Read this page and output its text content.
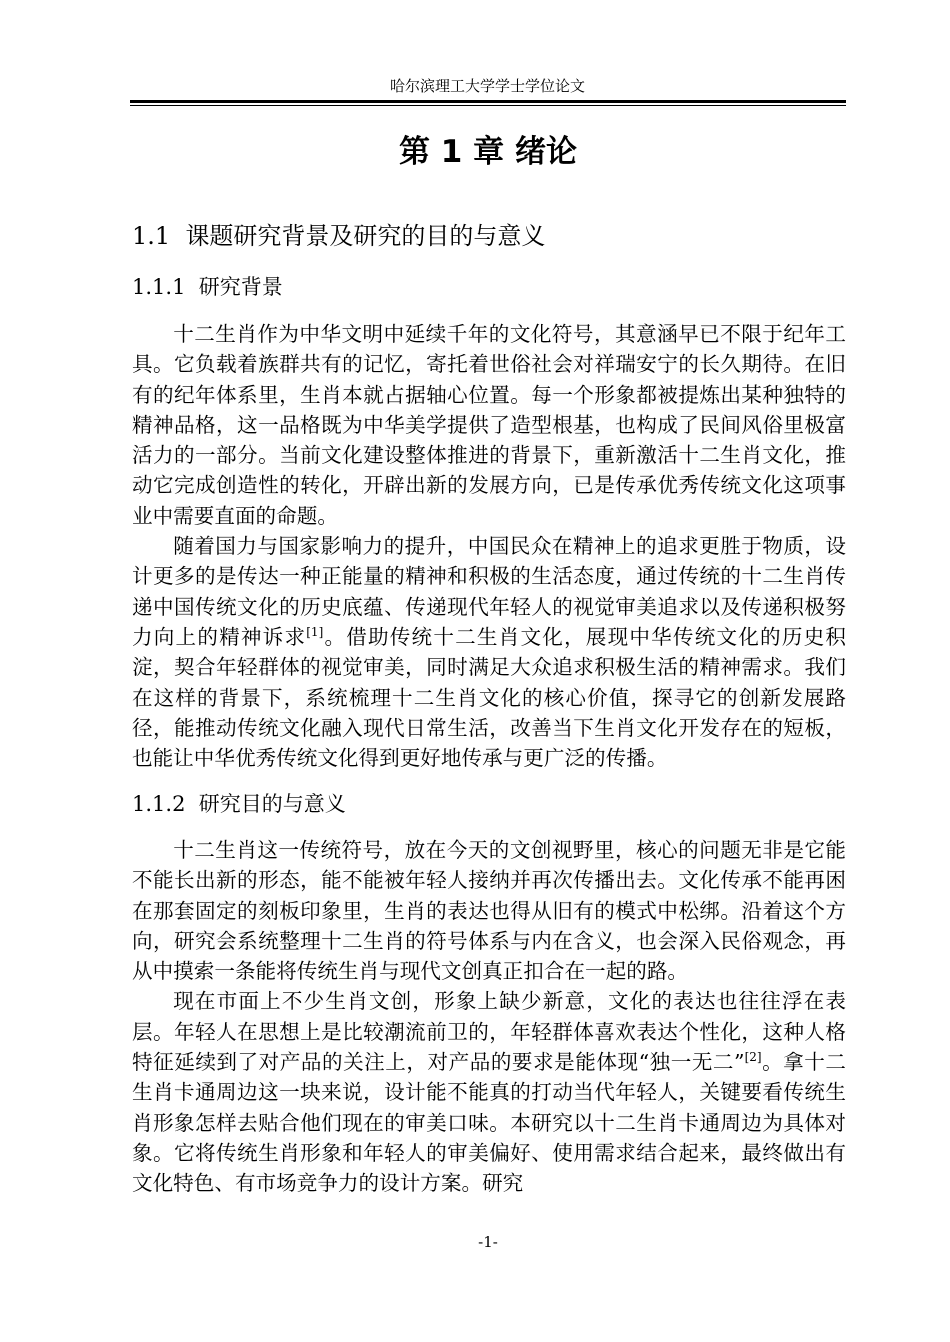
哈尔滨理工大学学士学位论文
第 1 章 绪论
1.1 课题研究背景及研究的目的与意义
1.1.1 研究背景

十二生肖作为中华文明中延续千年的文化符号，其意涵早已不限于纪年工具。它负载着族群共有的记忆，寄托着世俗社会对祥瑞安宁的长久期待。在旧有的纪年体系里，生肖本就占据轴心位置。每一个形象都被提炼出某种独特的精神品格，这一品格既为中华美学提供了造型根基，也构成了民间风俗里极富活力的一部分。当前文化建设整体推进的背景下，重新激活十二生肖文化，推动它完成创造性的转化，开辟出新的发展方向，已是传承优秀传统文化这项事业中需要直面的命题。

随着国力与国家影响力的提升，中国民众在精神上的追求更胜于物质，设计更多的是传达一种正能量的精神和积极的生活态度，通过传统的十二生肖传递中国传统文化的历史底蕴、传递现代年轻人的视觉审美追求以及传递积极努力向上的精神诉求[1]。借助传统十二生肖文化，展现中华传统文化的历史积淀，契合年轻群体的视觉审美，同时满足大众追求积极生活的精神需求。我们在这样的背景下，系统梳理十二生肖文化的核心价值，探寻它的创新发展路径，能推动传统文化融入现代日常生活，改善当下生肖文化开发存在的短板，也能让中华优秀传统文化得到更好地传承与更广泛的传播。

1.1.2 研究目的与意义

十二生肖这一传统符号，放在今天的文创视野里，核心的问题无非是它能不能长出新的形态，能不能被年轻人接纳并再次传播出去。文化传承不能再困在那套固定的刻板印象里，生肖的表达也得从旧有的模式中松绑。沿着这个方向，研究会系统整理十二生肖的符号体系与内在含义，也会深入民俗观念，再从中摸索一条能将传统生肖与现代文创真正扣合在一起的路。

现在市面上不少生肖文创，形象上缺少新意，文化的表达也往往浮在表层。年轻人在思想上是比较潮流前卫的，年轻群体喜欢表达个性化，这种人格特征延续到了对产品的关注上，对产品的要求是能体现“独一无二”[2]。拿十二生肖卡通周边这一块来说，设计能不能真的打动当代年轻人，关键要看传统生肖形象怎样去贴合他们现在的审美口味。本研究以十二生肖卡通周边为具体对象。它将传统生肖形象和年轻人的审美偏好、使用需求结合起来，最终做出有文化特色、有市场竞争力的设计方案。研究

-1-
